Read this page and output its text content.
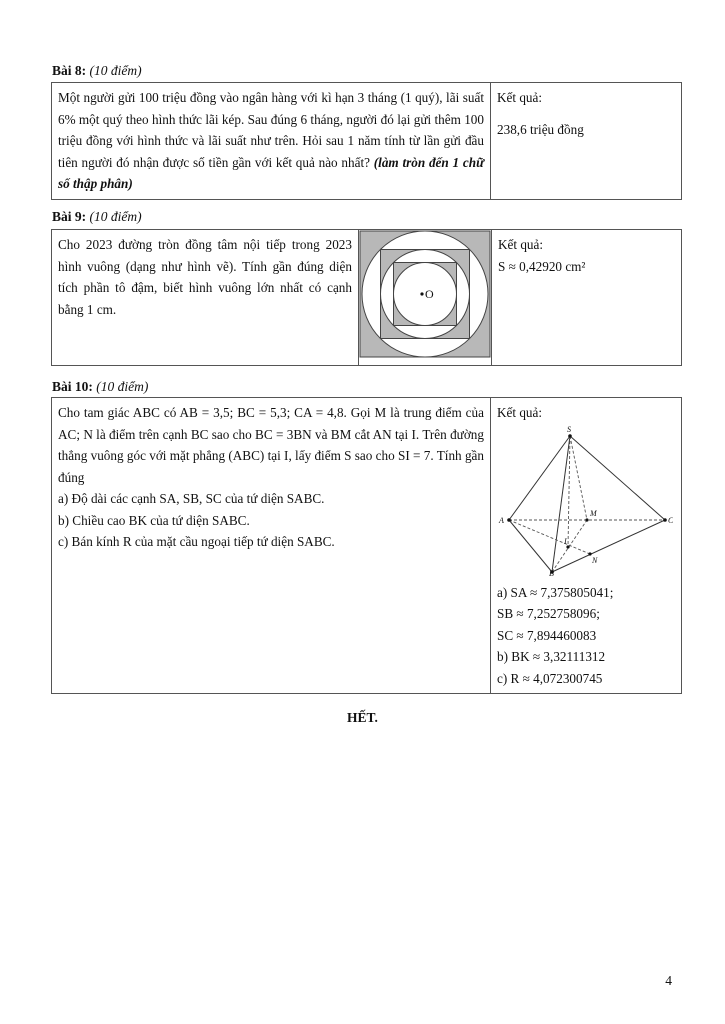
Bài 8: (10 điểm)
Một người gửi 100 triệu đồng vào ngân hàng với kì hạn 3 tháng (1 quý), lãi suất 6% một quý theo hình thức lãi kép. Sau đúng 6 tháng, người đó lại gửi thêm 100 triệu đồng với hình thức và lãi suất như trên. Hỏi sau 1 năm tính từ lần gửi đầu tiên người đó nhận được số tiền gần với kết quả nào nhất? (làm tròn đến 1 chữ số thập phân)	
Kết quả:
238,6 triệu đồng
Bài 9: (10 điểm)
Cho 2023 đường tròn đồng tâm nội tiếp trong 2023 hình vuông (dạng như hình vẽ). Tính gần đúng diện tích phần tô đậm, biết hình vuông lớn nhất có cạnh bằng 1 cm.	
O

Kết quả:
S ≈ 0,42920 cm²
Bài 10: (10 điểm)
Cho tam giác ABC có AB = 3,5; BC = 5,3; CA = 4,8. Gọi M là trung điểm của AC; N là điểm trên cạnh BC sao cho BC = 3BN và BM cắt AN tại I. Trên đường thẳng vuông góc với mặt phẳng (ABC) tại I, lấy điểm S sao cho SI = 7. Tính gần đúng
a) Độ dài các cạnh SA, SB, SC của tứ diện SABC.
b) Chiều cao BK của tứ diện SABC.
c) Bán kính R của mặt cầu ngoại tiếp tứ diện SABC.

Kết quả:
S
A	C
B
M
I
N
a) SA ≈ 7,375805041;
SB ≈ 7,252758096;
SC ≈ 7,894460083
b) BK ≈ 3,32111312
c) R ≈ 4,072300745
HẾT.
4
